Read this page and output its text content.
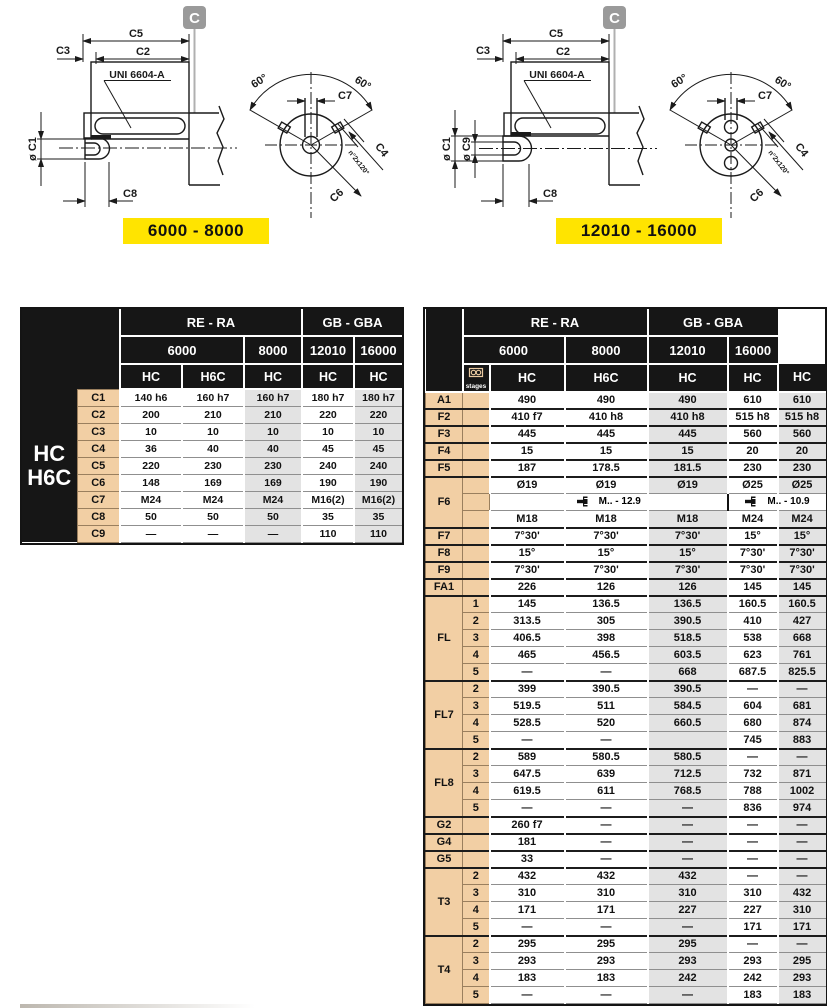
C
C5
C2
C3
UNI 6604-A
ø C1
C8
60°	60°
C7
C4
n°2x120°
C6
6000 - 8000
C
C5
C2
C3
UNI 6604-A
ø C1 ø C9
C8
60°	60°
C7
C4
n°2x120°
C6
12010 - 16000
		RE - RA			GB - GBA	
		6000		8000	12010	16000
		HC	H6C	HC	HC	HC

HC
H6C	C1	140 h6	160 h7	160 h7	180 h7	180 h7
	C2	200	210	210	220	220
	C3	10	10	10	10	10
	C4	36	40	40	45	45
	C5	220	230	230	240	240
	C6	148	169	169	190	190
	C7	M24	M24	M24	M16(2)	M16(2)
	C8	50	50	50	35	35
	C9	—	—	—	110	110
	RE - RA			GB - GBA		
	6000		8000	12010	16000	

	stages	HC	H6C	HC	HC	HC
A1		490	490	490	610	610
F2		410 f7	410 h8	410 h8	515 h8	515 h8
F3		445	445	445	560	560
F4		15	15	15	20	20
F5		187	178.5	181.5	230	230
F6		Ø19	Ø19	Ø19	Ø25	Ø25
		M.. - 12.9			M.. - 10.9	
		M18	M18	M18	M24	M24
F7		7°30'	7°30'	7°30'	15°	15°
F8		15°	15°	15°	7°30'	7°30'
F9		7°30'	7°30'	7°30'	7°30'	7°30'
FA1		226	126	126	145	145
FL	1	145	136.5	136.5	160.5	160.5
	2	313.5	305	390.5	410	427
	3	406.5	398	518.5	538	668
	4	465	456.5	603.5	623	761
	5	—	—	668	687.5	825.5
FL7	2	399	390.5	390.5	—	—
	3	519.5	511	584.5	604	681
	4	528.5	520	660.5	680	874
	5	—	—		745	883
FL8	2	589	580.5	580.5	—	—
	3	647.5	639	712.5	732	871
	4	619.5	611	768.5	788	1002
	5	—	—	—	836	974
G2		260 f7	—	—	—	—
G4		181	—	—	—	—
G5		33	—	—	—	—
T3	2	432	432	432	—	—
	3	310	310	310	310	432
	4	171	171	227	227	310
	5	—	—	—	171	171
T4	2	295	295	295	—	—
	3	293	293	293	293	295
	4	183	183	242	242	293
	5	—	—	—	183	183
